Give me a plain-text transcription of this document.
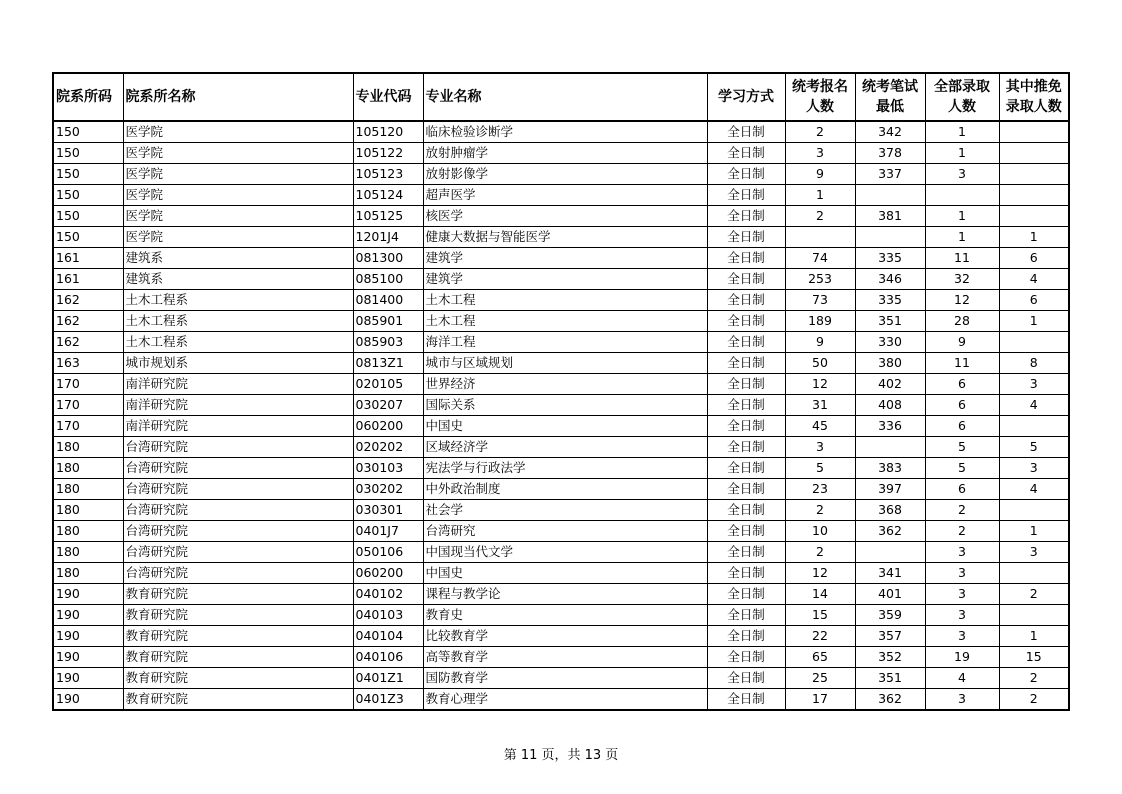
院系所码	院系所名称	专业代码	专业名称	学习方式	统考报名人数	统考笔试最低	全部录取人数	其中推免录取人数
150	医学院	105120	临床检验诊断学	全日制	2	342	1	
150	医学院	105122	放射肿瘤学	全日制	3	378	1	
150	医学院	105123	放射影像学	全日制	9	337	3	
150	医学院	105124	超声医学	全日制	1			
150	医学院	105125	核医学	全日制	2	381	1	
150	医学院	1201J4	健康大数据与智能医学	全日制			1	1
161	建筑系	081300	建筑学	全日制	74	335	11	6
161	建筑系	085100	建筑学	全日制	253	346	32	4
162	土木工程系	081400	土木工程	全日制	73	335	12	6
162	土木工程系	085901	土木工程	全日制	189	351	28	1
162	土木工程系	085903	海洋工程	全日制	9	330	9	
163	城市规划系	0813Z1	城市与区域规划	全日制	50	380	11	8
170	南洋研究院	020105	世界经济	全日制	12	402	6	3
170	南洋研究院	030207	国际关系	全日制	31	408	6	4
170	南洋研究院	060200	中国史	全日制	45	336	6	
180	台湾研究院	020202	区域经济学	全日制	3		5	5
180	台湾研究院	030103	宪法学与行政法学	全日制	5	383	5	3
180	台湾研究院	030202	中外政治制度	全日制	23	397	6	4
180	台湾研究院	030301	社会学	全日制	2	368	2	
180	台湾研究院	0401J7	台湾研究	全日制	10	362	2	1
180	台湾研究院	050106	中国现当代文学	全日制	2		3	3
180	台湾研究院	060200	中国史	全日制	12	341	3	
190	教育研究院	040102	课程与教学论	全日制	14	401	3	2
190	教育研究院	040103	教育史	全日制	15	359	3	
190	教育研究院	040104	比较教育学	全日制	22	357	3	1
190	教育研究院	040106	高等教育学	全日制	65	352	19	15
190	教育研究院	0401Z1	国防教育学	全日制	25	351	4	2
190	教育研究院	0401Z3	教育心理学	全日制	17	362	3	2
第 11 页，共 13 页
